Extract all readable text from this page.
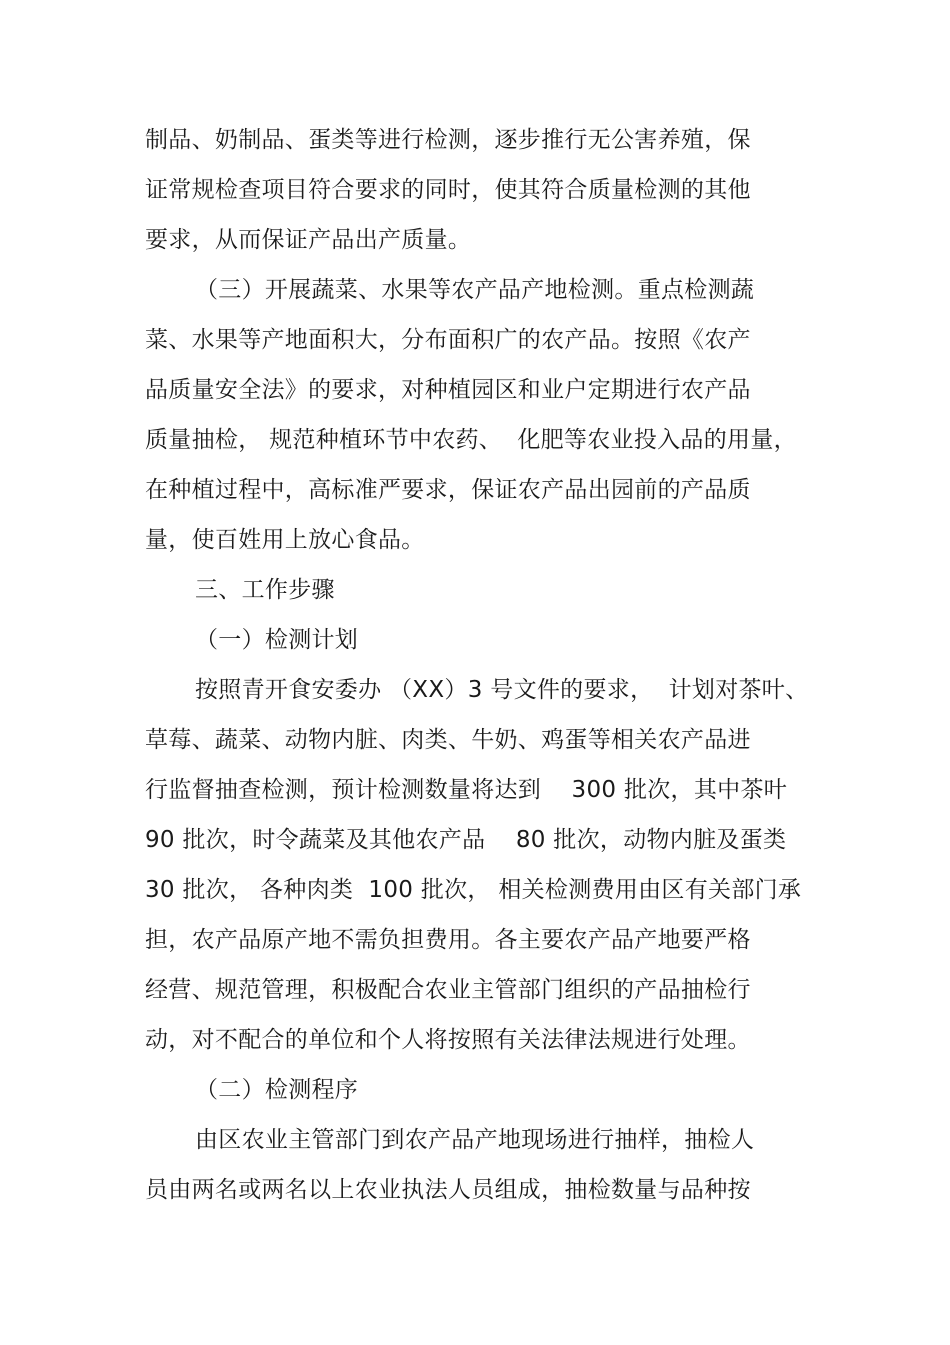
制品、奶制品、蛋类等进行检测，逐步推行无公害养殖，保

证常规检查项目符合要求的同时，使其符合质量检测的其他

要求，从而保证产品出产质量。

（三）开展蔬菜、水果等农产品产地检测。重点检测蔬

菜、水果等产地面积大，分布面积广的农产品。按照《农产

品质量安全法》的要求，对种植园区和业户定期进行农产品

质量抽检， 规范种植环节中农药、  化肥等农业投入品的用量，

在种植过程中，高标准严要求，保证农产品出园前的产品质

量，使百姓用上放心食品。

三、工作步骤

（一）检测计划

按照青开食安委办 （XX）3 号文件的要求，  计划对茶叶、

草莓、蔬菜、动物内脏、肉类、牛奶、鸡蛋等相关农产品进

行监督抽查检测，预计检测数量将达到    300 批次，其中茶叶

90 批次，时令蔬菜及其他农产品    80 批次，动物内脏及蛋类

30 批次， 各种肉类  100 批次， 相关检测费用由区有关部门承

担，农产品原产地不需负担费用。各主要农产品产地要严格

经营、规范管理，积极配合农业主管部门组织的产品抽检行

动，对不配合的单位和个人将按照有关法律法规进行处理。

（二）检测程序

由区农业主管部门到农产品产地现场进行抽样，抽检人

员由两名或两名以上农业执法人员组成，抽检数量与品种按
